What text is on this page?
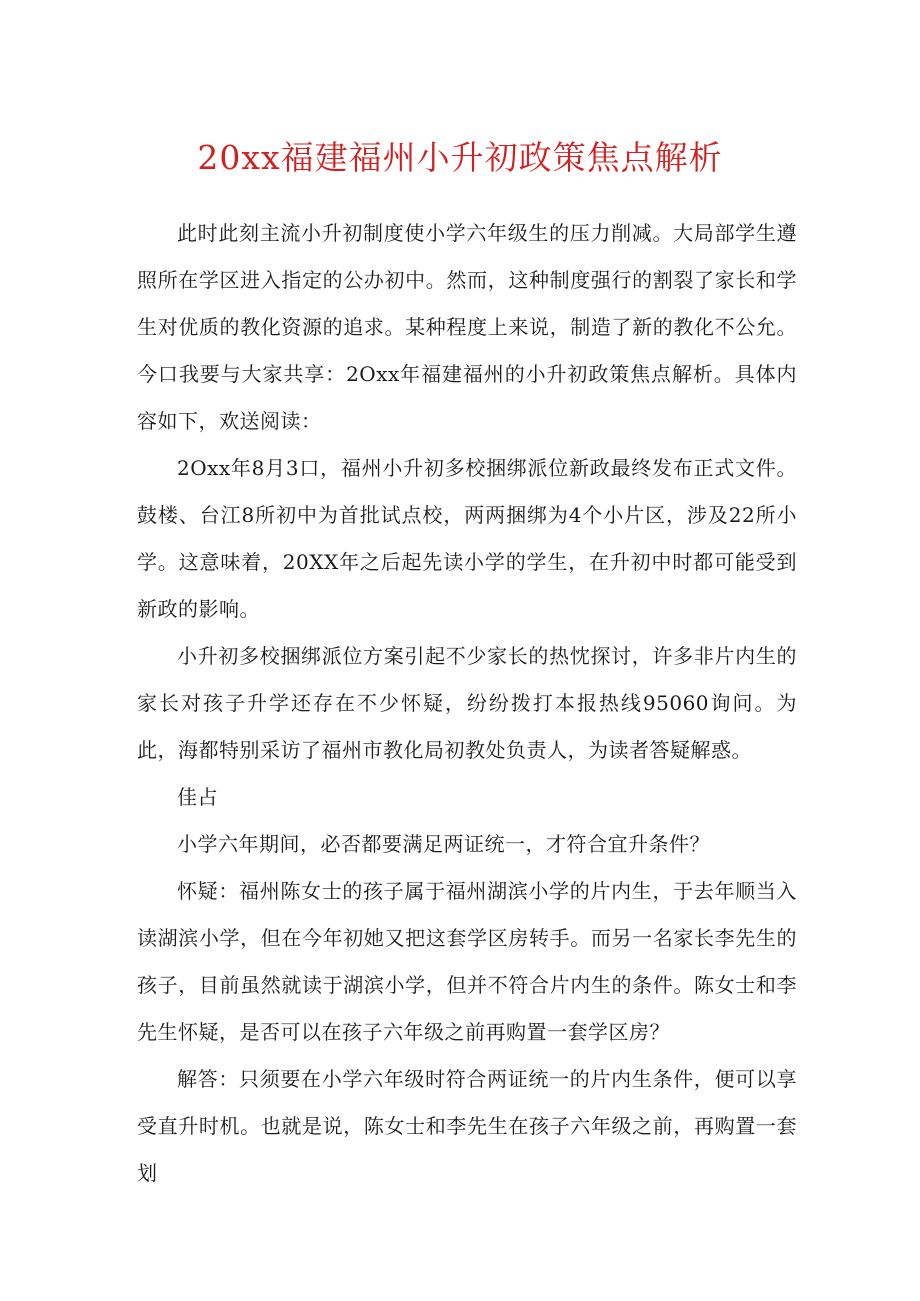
20xx福建福州小升初政策焦点解析

此时此刻主流小升初制度使小学六年级生的压力削减。大局部学生遵照所在学区进入指定的公办初中。然而，这种制度强行的割裂了家长和学生对优质的教化资源的追求。某种程度上来说，制造了新的教化不公允。今口我要与大家共享：2Oxx年福建福州的小升初政策焦点解析。具体内容如下，欢送阅读：

2Oxx年8月3口，福州小升初多校捆绑派位新政最终发布正式文件。鼓楼、台江8所初中为首批试点校，两两捆绑为4个小片区，涉及22所小学。这意味着，20XX年之后起先读小学的学生，在升初中时都可能受到新政的影响。

小升初多校捆绑派位方案引起不少家长的热忱探讨，许多非片内生的家长对孩子升学还存在不少怀疑，纷纷拨打本报热线95060询问。为此，海都特别采访了福州市教化局初教处负责人，为读者答疑解惑。

佳占

小学六年期间，必否都要满足两证统一，才符合宜升条件？

怀疑：福州陈女士的孩子属于福州湖滨小学的片内生，于去年顺当入读湖滨小学，但在今年初她又把这套学区房转手。而另一名家长李先生的孩子，目前虽然就读于湖滨小学，但并不符合片内生的条件。陈女士和李先生怀疑，是否可以在孩子六年级之前再购置一套学区房？

解答：只须要在小学六年级时符合两证统一的片内生条件，便可以享受直升时机。也就是说，陈女士和李先生在孩子六年级之前，再购置一套划
